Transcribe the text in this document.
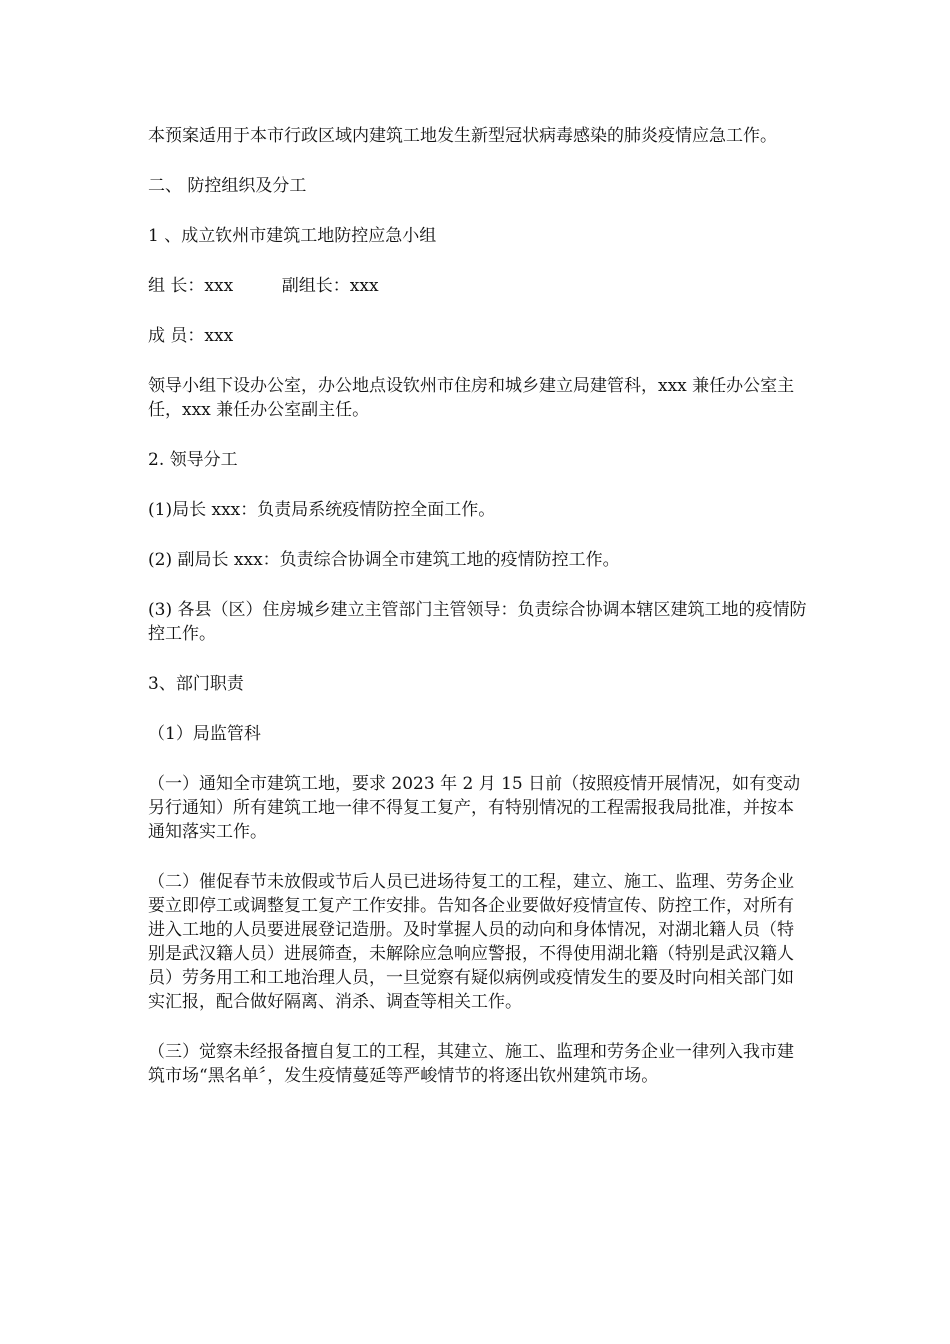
本预案适用于本市行政区域内建筑工地发生新型冠状病毒感染的肺炎疫情应急工作。

二、 防控组织及分工

1 、成立钦州市建筑工地防控应急小组

组 长：xxx         副组长：xxx

成 员：xxx

领导小组下设办公室，办公地点设钦州市住房和城乡建立局建管科，xxx 兼任办公室主任，xxx 兼任办公室副主任。

2. 领导分工

(1)局长 xxx：负责局系统疫情防控全面工作。

(2) 副局长 xxx：负责综合协调全市建筑工地的疫情防控工作。

(3) 各县（区）住房城乡建立主管部门主管领导：负责综合协调本辖区建筑工地的疫情防控工作。

3、部门职责

（1）局监管科

（一）通知全市建筑工地，要求 2023 年 2 月 15 日前（按照疫情开展情况，如有变动另行通知）所有建筑工地一律不得复工复产，有特别情况的工程需报我局批准，并按本通知落实工作。

（二）催促春节未放假或节后人员已进场待复工的工程，建立、施工、监理、劳务企业要立即停工或调整复工复产工作安排。告知各企业要做好疫情宣传、防控工作，对所有进入工地的人员要进展登记造册。及时掌握人员的动向和身体情况，对湖北籍人员（特别是武汉籍人员）进展筛查，未解除应急响应警报，不得使用湖北籍（特别是武汉籍人员）劳务用工和工地治理人员，一旦觉察有疑似病例或疫情发生的要及时向相关部门如实汇报，配合做好隔离、消杀、调查等相关工作。

（三）觉察未经报备擅自复工的工程，其建立、施工、监理和劳务企业一律列入我市建筑市场“黑名单〞，发生疫情蔓延等严峻情节的将逐出钦州建筑市场。
